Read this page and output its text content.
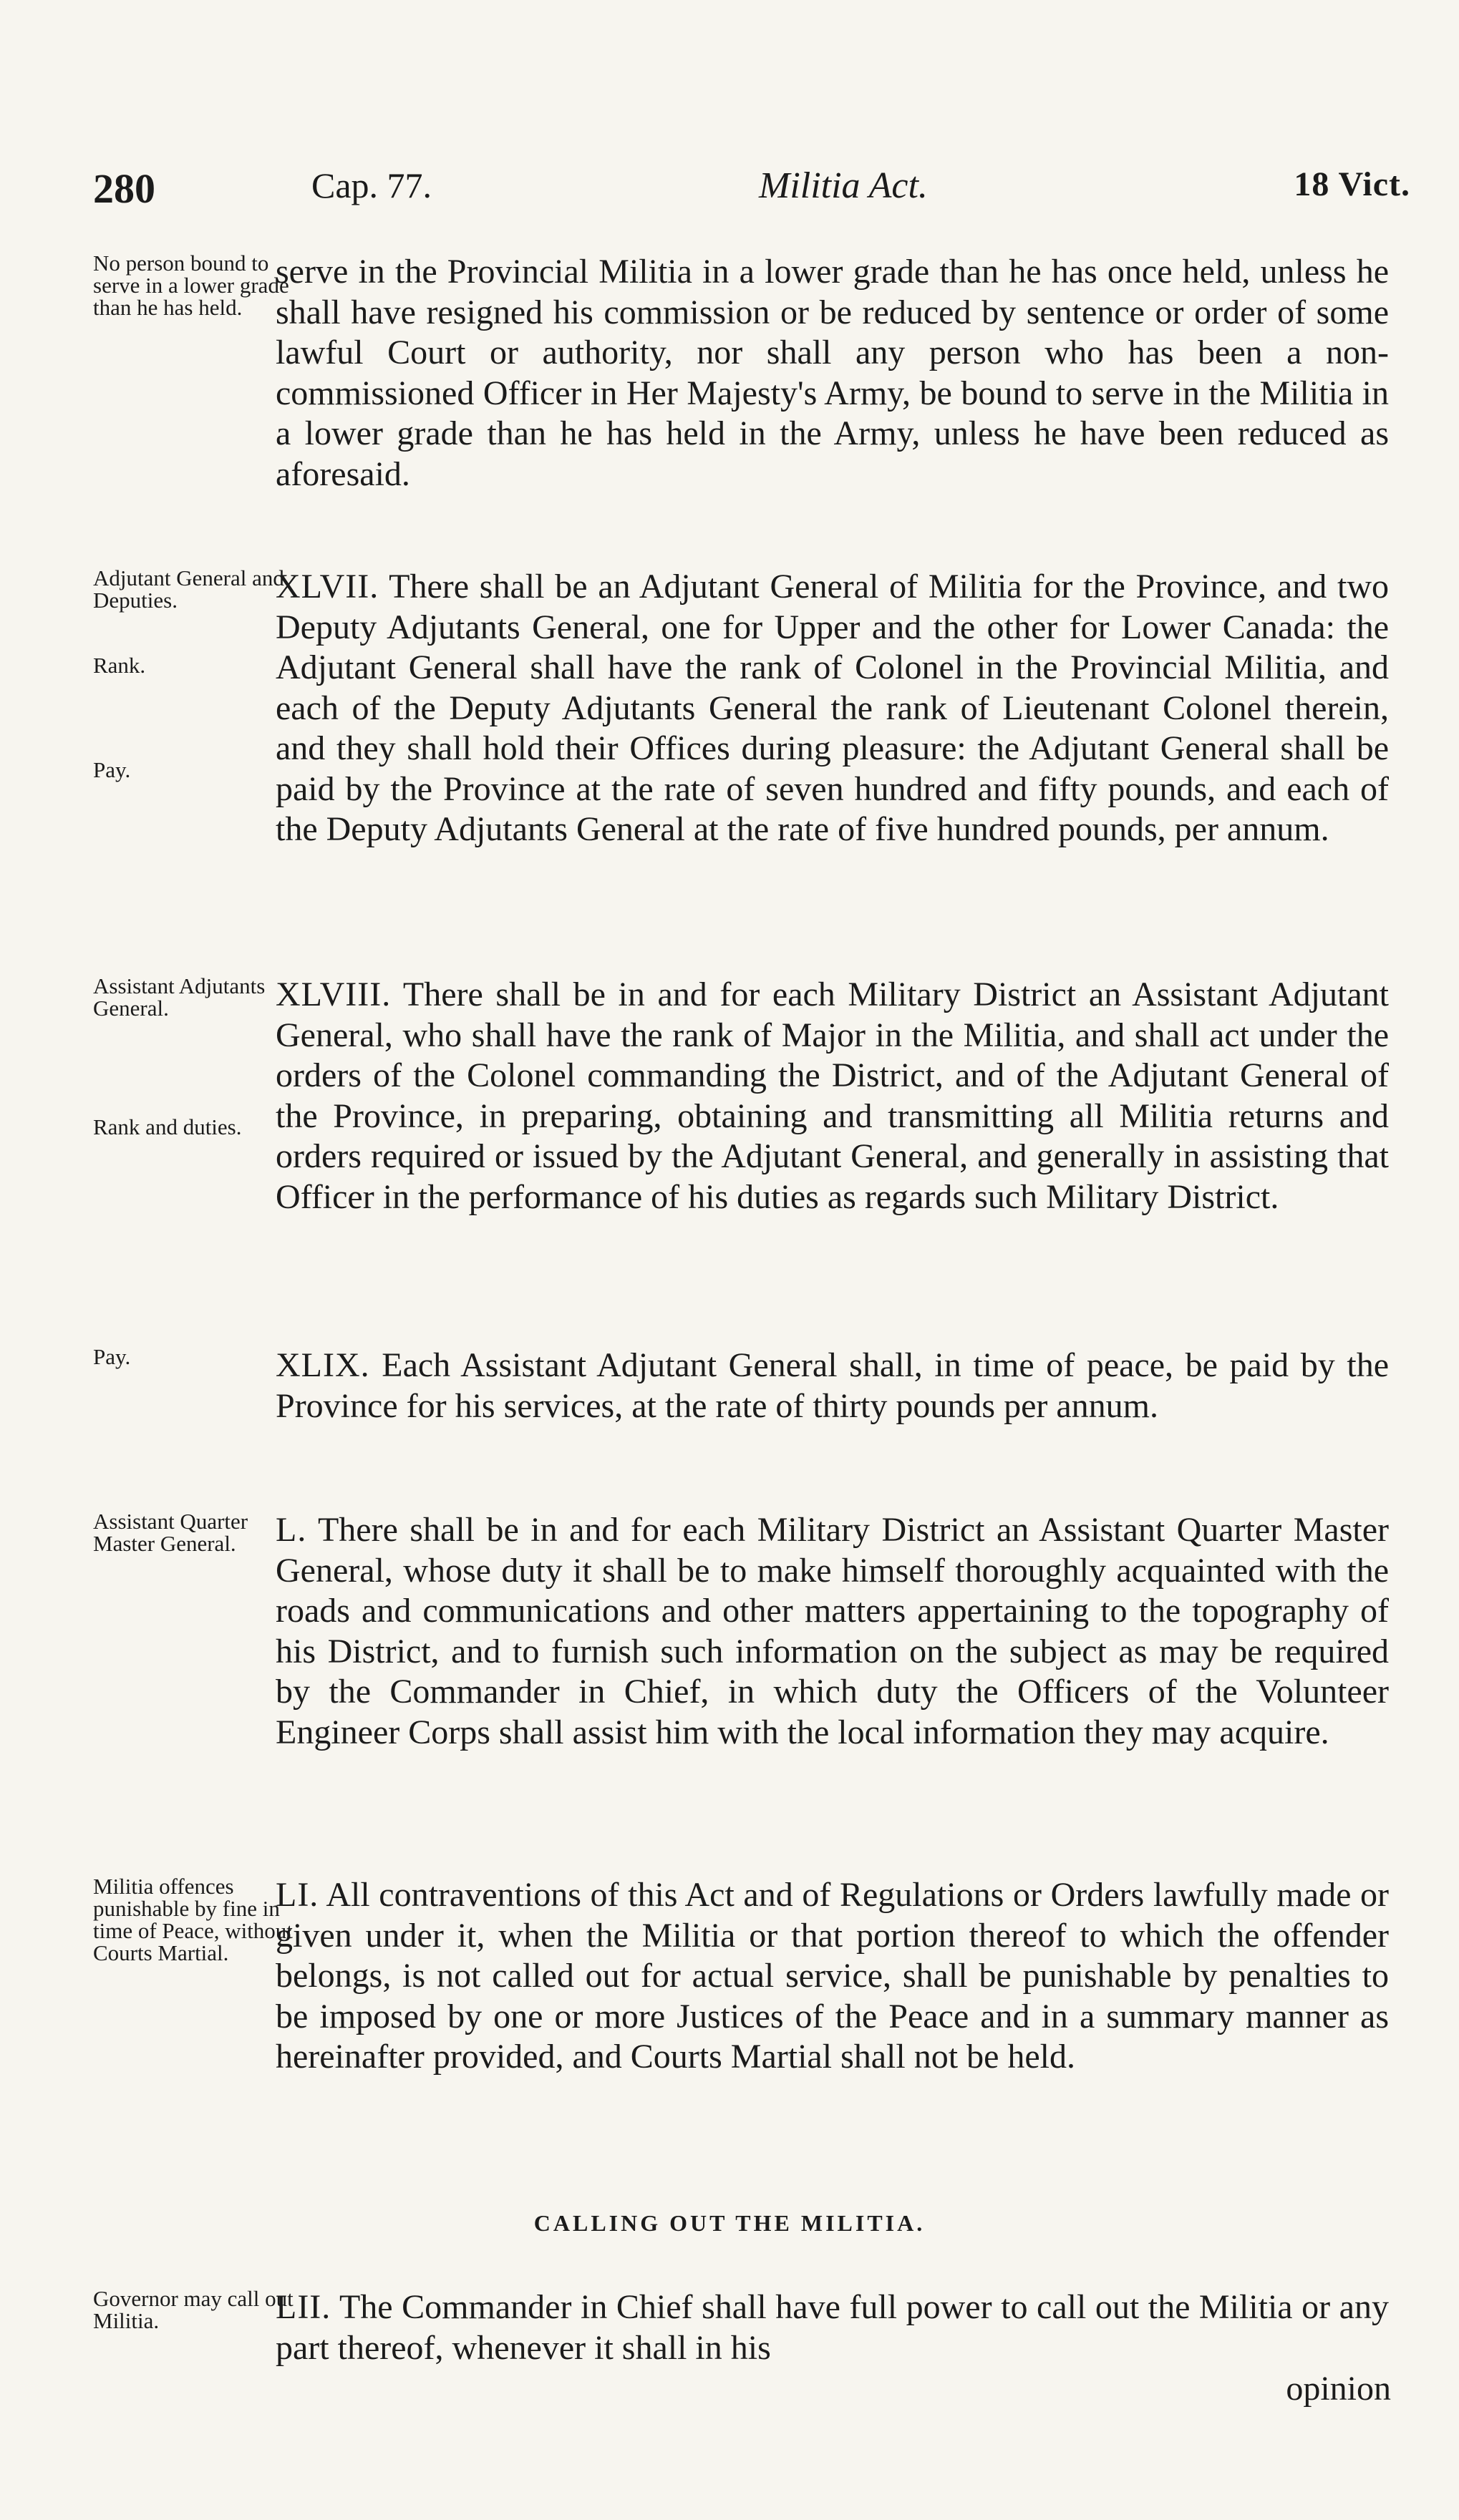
280	Cap. 77.	Militia Act.	18 Vict.

No person bound to serve in a lower grade than he has held.

serve in the Provincial Militia in a lower grade than he has once held, unless he shall have resigned his commission or be reduced by sentence or order of some lawful Court or authority, nor shall any person who has been a non-commissioned Officer in Her Majesty's Army, be bound to serve in the Militia in a lower grade than he has held in the Army, unless he have been reduced as aforesaid.

Adjutant General and Deputies.

Rank.

Pay.

XLVII. There shall be an Adjutant General of Militia for the Province, and two Deputy Adjutants General, one for Upper and the other for Lower Canada: the Adjutant General shall have the rank of Colonel in the Provincial Militia, and each of the Deputy Adjutants General the rank of Lieutenant Colonel therein, and they shall hold their Offices during pleasure: the Adjutant General shall be paid by the Province at the rate of seven hundred and fifty pounds, and each of the Deputy Adjutants General at the rate of five hundred pounds, per annum.

Assistant Adjutants General.

Rank and duties.

XLVIII. There shall be in and for each Military District an Assistant Adjutant General, who shall have the rank of Major in the Militia, and shall act under the orders of the Colonel commanding the District, and of the Adjutant General of the Province, in preparing, obtaining and transmitting all Militia returns and orders required or issued by the Adjutant General, and generally in assisting that Officer in the performance of his duties as regards such Military District.

Pay.	XLIX. Each Assistant Adjutant General shall, in time of peace, be paid by the Province for his services, at the rate of thirty pounds per annum.

Assistant Quarter Master General.	L. There shall be in and for each Military District an Assistant Quarter Master General, whose duty it shall be to make himself thoroughly acquainted with the roads and communications and other matters appertaining to the topography of his District, and to furnish such information on the subject as may be required by the Commander in Chief, in which duty the Officers of the Volunteer Engineer Corps shall assist him with the local information they may acquire.

Militia offences punishable by fine in time of Peace, without Courts Martial.

LI. All contraventions of this Act and of Regulations or Orders lawfully made or given under it, when the Militia or that portion thereof to which the offender belongs, is not called out for actual service, shall be punishable by penalties to be imposed by one or more Justices of the Peace and in a summary manner as hereinafter provided, and Courts Martial shall not be held.

CALLING OUT THE MILITIA.

Governor may call out Militia.	LII. The Commander in Chief shall have full power to call out the Militia or any part thereof, whenever it shall in his

opinion
